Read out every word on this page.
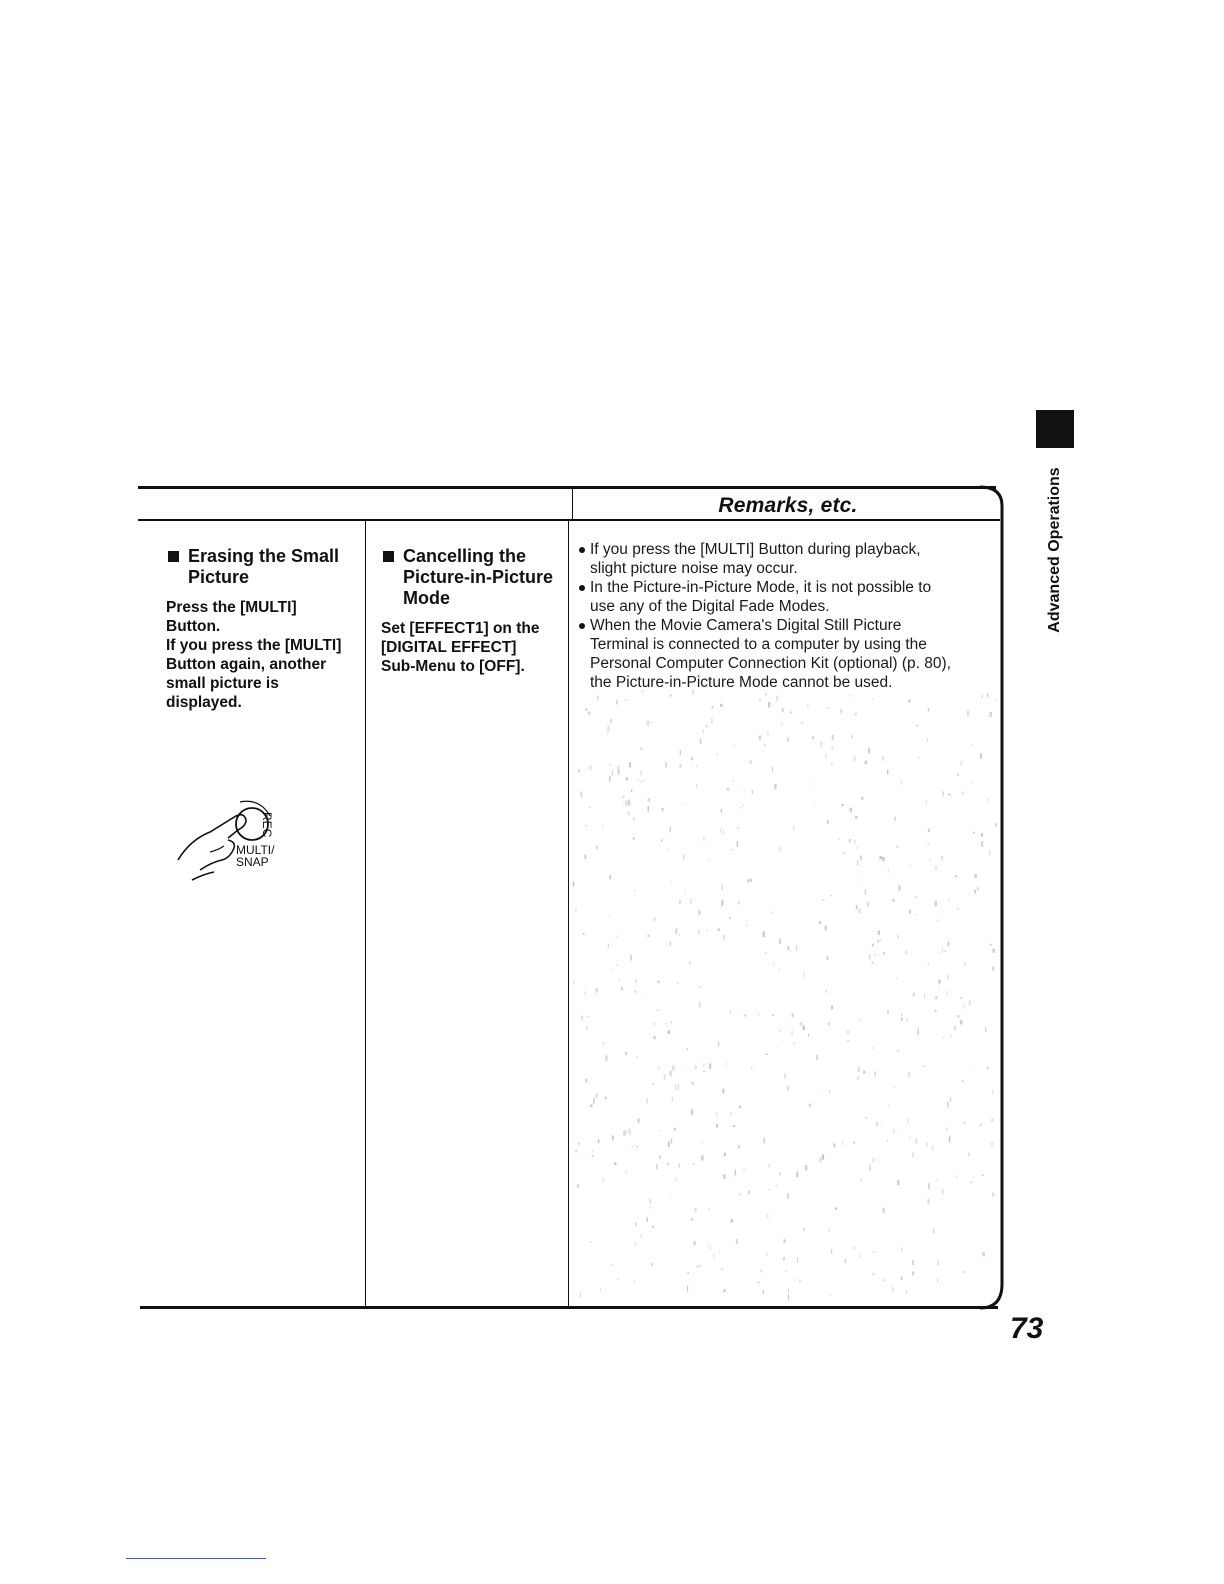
Remarks, etc.
Erasing the Small Picture
Press the [MULTI]
Button.
If you press the [MULTI]
Button again, another
small picture is
displayed.
MULTI/
SNAP
REC
Cancelling the
Picture-in-Picture
Mode
Set [EFFECT1] on the
[DIGITAL EFFECT]
Sub-Menu to [OFF].
If you press the [MULTI] Button during playback,
slight picture noise may occur.
In the Picture-in-Picture Mode, it is not possible to
use any of the Digital Fade Modes.
When the Movie Camera's Digital Still Picture
Terminal is connected to a computer by using the
Personal Computer Connection Kit (optional) (p. 80),
the Picture-in-Picture Mode cannot be used.
Advanced Operations
73
